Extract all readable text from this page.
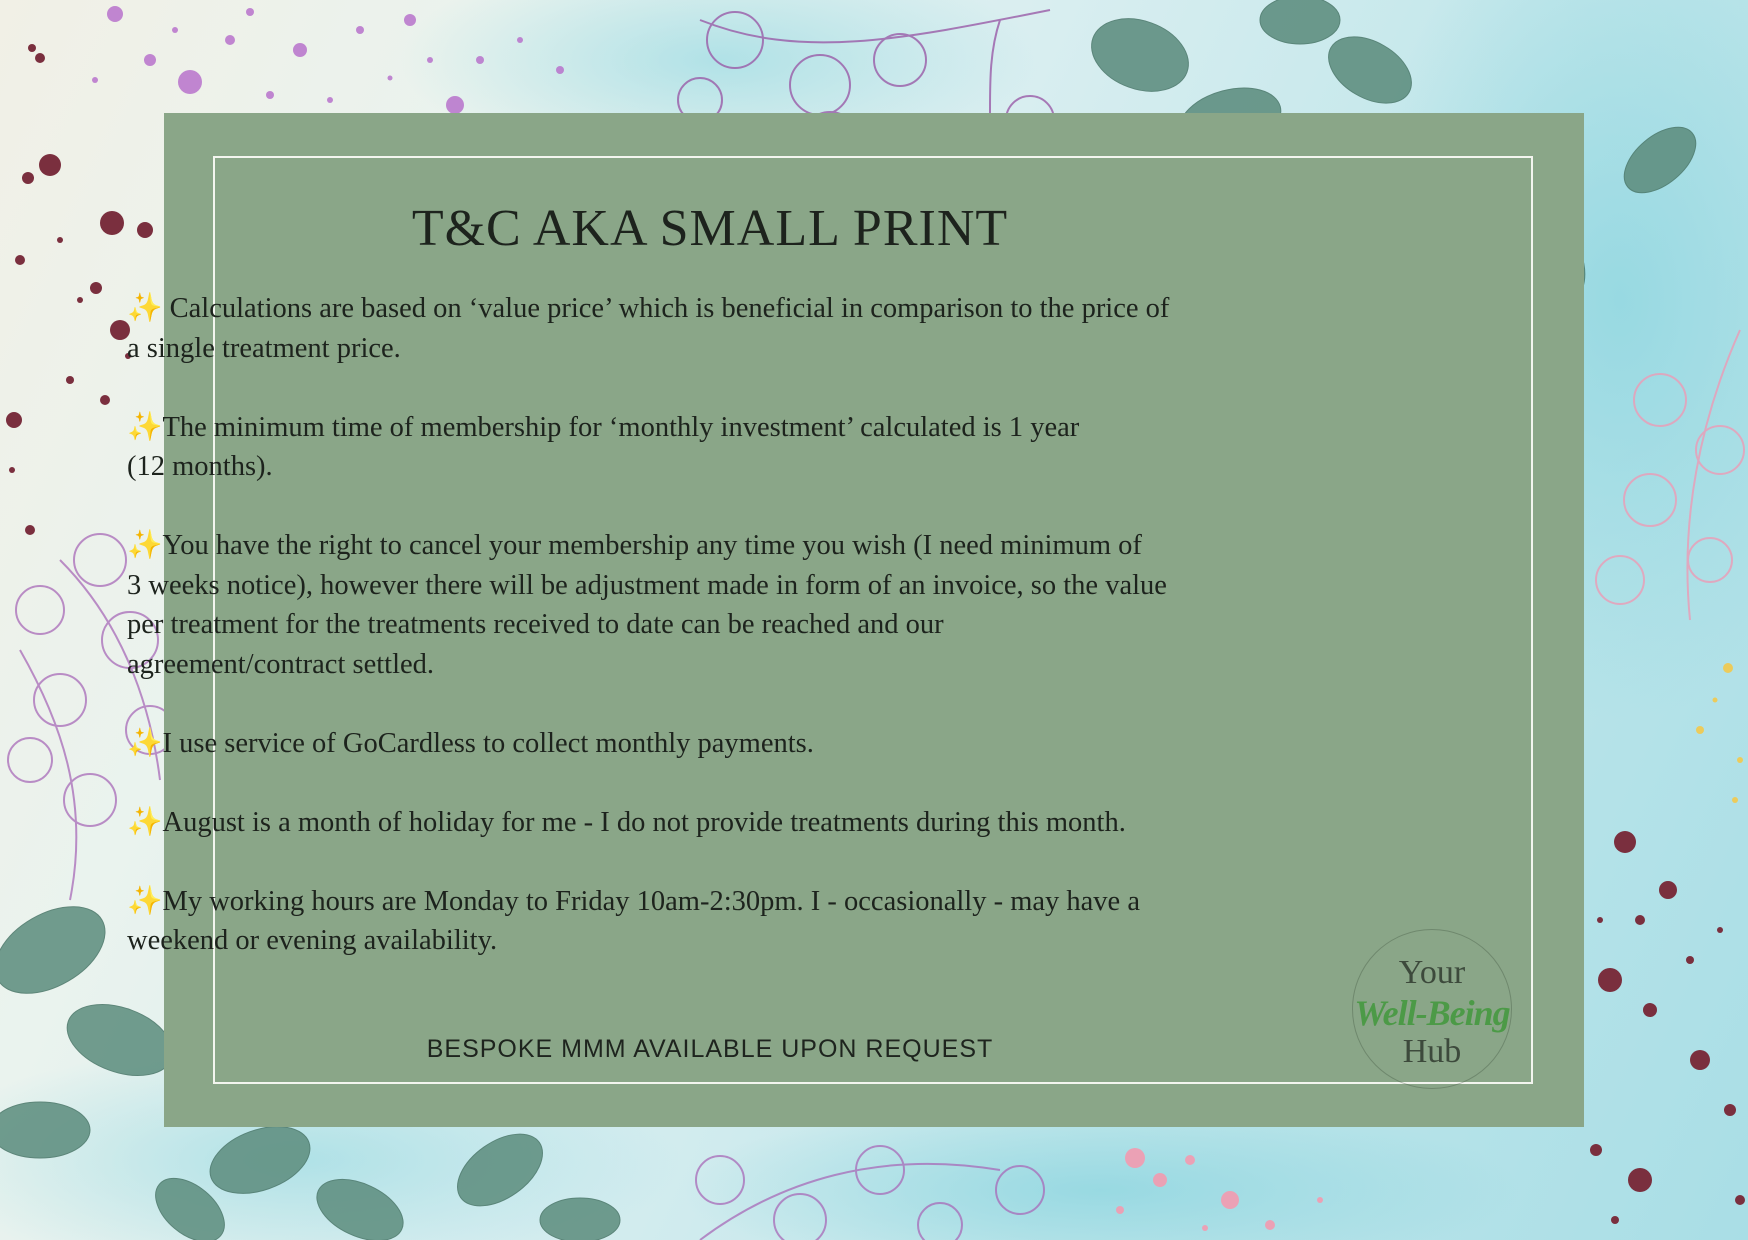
Your
Well-Being
Hub
T&C AKA SMALL PRINT

✨ Calculations are based on ‘value price’ which is beneficial in comparison to the price of
a single treatment price.

✨The minimum time of membership for ‘monthly investment’ calculated is 1 year
(12 months).

✨You have the right to cancel your membership any time you wish (I need minimum of
3 weeks notice), however there will be adjustment made in form of an invoice, so the value
per treatment for the treatments received to date can be reached and our
agreement/contract settled.

✨I use service of GoCardless to collect monthly payments.

✨August is a month of holiday for me - I do not provide treatments during this month.

✨My working hours are Monday to Friday 10am-2:30pm. I - occasionally - may have a
weekend or evening availability.

BESPOKE MMM AVAILABLE UPON REQUEST
